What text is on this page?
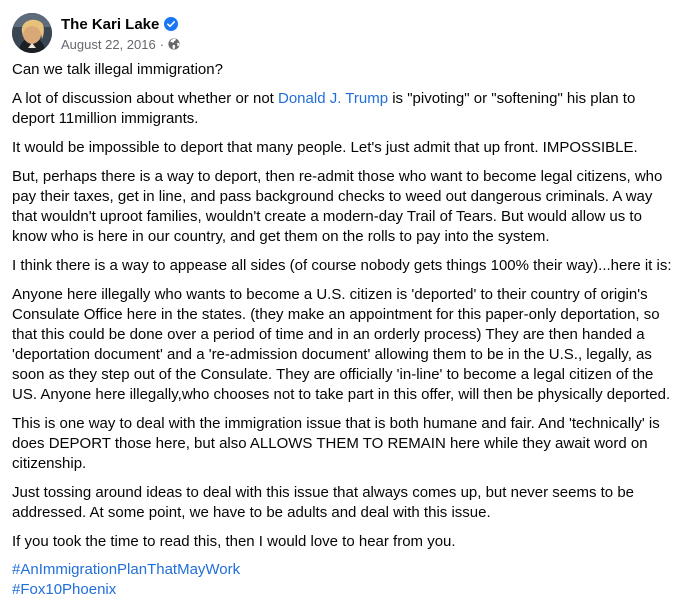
The Kari Lake
August 22, 2016 ·

Can we talk illegal immigration?

A lot of discussion about whether or not Donald J. Trump is "pivoting" or "softening" his plan to deport 11million immigrants.

It would be impossible to deport that many people. Let's just admit that up front. IMPOSSIBLE.

But, perhaps there is a way to deport, then re-admit those who want to become legal citizens, who pay their taxes, get in line, and pass background checks to weed out dangerous criminals. A way that wouldn't uproot families, wouldn't create a modern-day Trail of Tears. But would allow us to know who is here in our country, and get them on the rolls to pay into the system.

I think there is a way to appease all sides (of course nobody gets things 100% their way)...here it is:

Anyone here illegally who wants to become a U.S. citizen is 'deported' to their country of origin's Consulate Office here in the states. (they make an appointment for this paper-only deportation, so that this could be done over a period of time and in an orderly process) They are then handed a 'deportation document' and a 're-admission document' allowing them to be in the U.S., legally, as soon as they step out of the Consulate. They are officially 'in-line' to become a legal citizen of the US. Anyone here illegally,who chooses not to take part in this offer, will then be physically deported.

This is one way to deal with the immigration issue that is both humane and fair. And 'technically' is does DEPORT those here, but also ALLOWS THEM TO REMAIN here while they await word on citizenship.

Just tossing around ideas to deal with this issue that always comes up, but never seems to be addressed. At some point, we have to be adults and deal with this issue.

If you took the time to read this, then I would love to hear from you.

#AnImmigrationPlanThatMayWork
#Fox10Phoenix
